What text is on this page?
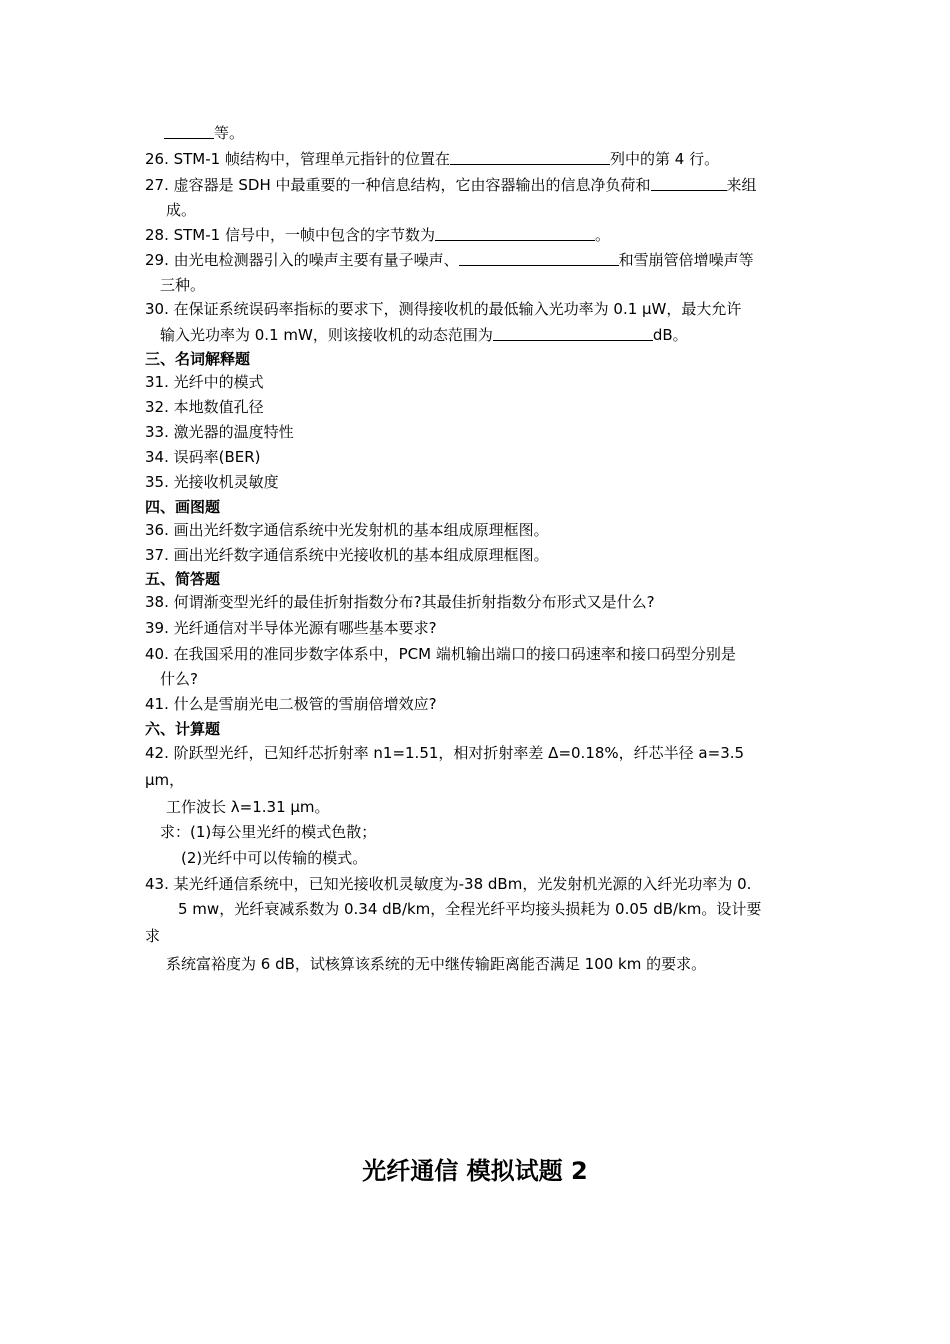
等。
26. STM-1 帧结构中，管理单元指针的位置在	列中的第 4 行。
27. 虚容器是 SDH 中最重要的一种信息结构，它由容器输出的信息净负荷和	来组
成。
28. STM-1 信号中，一帧中包含的字节数为	。
29. 由光电检测器引入的噪声主要有量子噪声、	和雪崩管倍增噪声等
三种。
30. 在保证系统误码率指标的要求下，测得接收机的最低输入光功率为 0.1 μW，最大允许
输入光功率为 0.1 mW，则该接收机的动态范围为	dB。
三、名词解释题
31. 光纤中的模式
32. 本地数值孔径
33. 激光器的温度特性
34. 误码率(BER)
35. 光接收机灵敏度
四、画图题
36. 画出光纤数字通信系统中光发射机的基本组成原理框图。
37. 画出光纤数字通信系统中光接收机的基本组成原理框图。
五、简答题
38. 何谓渐变型光纤的最佳折射指数分布?其最佳折射指数分布形式又是什么?
39. 光纤通信对半导体光源有哪些基本要求?
40. 在我国采用的准同步数字体系中，PCM 端机输出端口的接口码速率和接口码型分别是
什么?
41. 什么是雪崩光电二极管的雪崩倍增效应?
六、计算题
42. 阶跃型光纤，已知纤芯折射率 n1=1.51，相对折射率差 Δ=0.18%，纤芯半径 a=3.5
μm，
工作波长 λ=1.31 μm。
求：(1)每公里光纤的模式色散；
(2)光纤中可以传输的模式。
43. 某光纤通信系统中，已知光接收机灵敏度为-38 dBm，光发射机光源的入纤光功率为 0.
5 mw，光纤衰减系数为 0.34 dB/km，全程光纤平均接头损耗为 0.05 dB/km。设计要
求
系统富裕度为 6 dB，试核算该系统的无中继传输距离能否满足 100 km 的要求。
光纤通信 模拟试题 2
